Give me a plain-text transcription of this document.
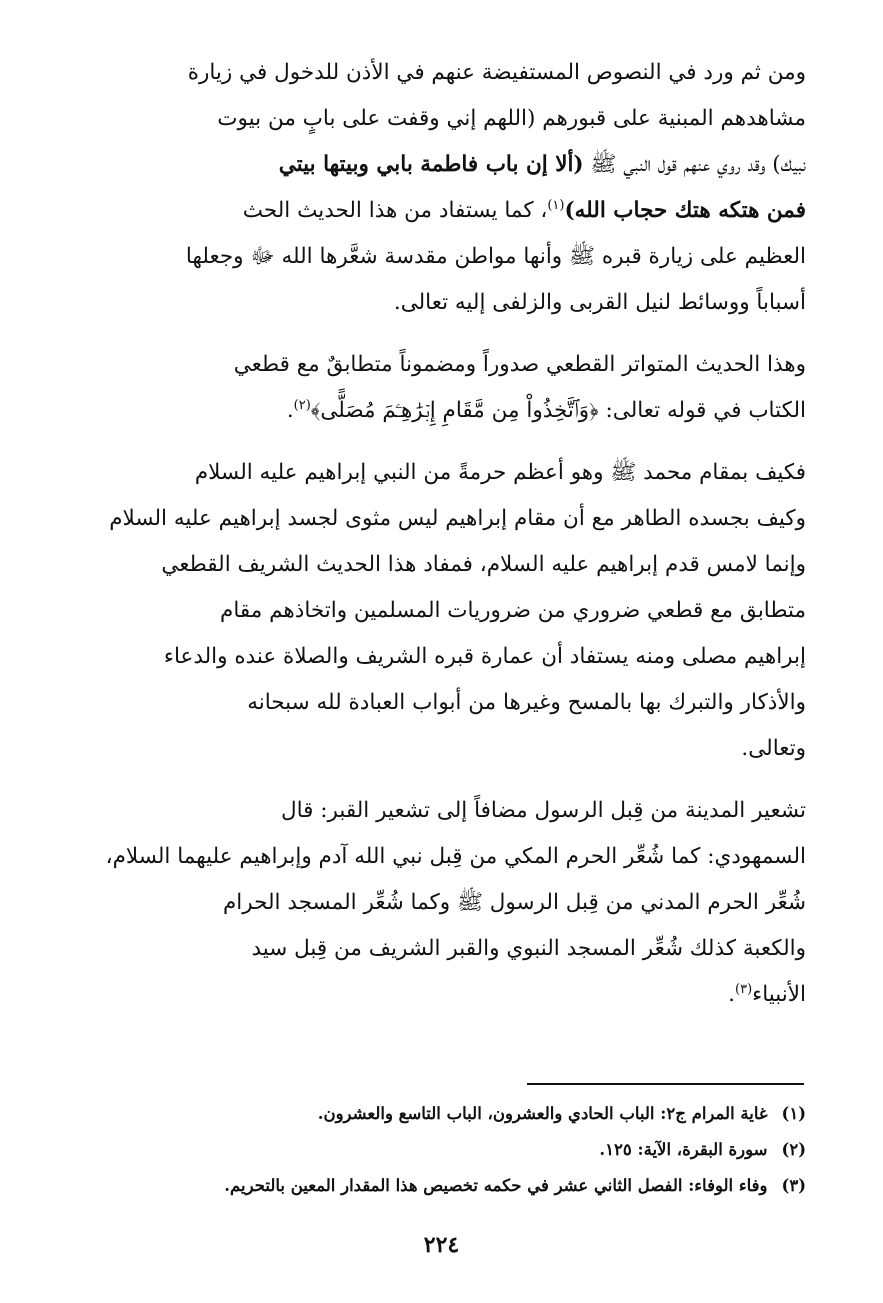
ومن ثم ورد في النصوص المستفيضة عنهم في الأذن للدخول في زيارة
مشاهدهم المبنية على قبورهم (اللهم إني وقفت على بابٍ من بيوت
نبيك) وقد روي عنهم قول النبي ﷺ (ألا إن باب فاطمة بابي وبيتها بيتي
فمن هتكه هتك حجاب الله)$^{(١)}$، كما يستفاد من هذا الحديث الحث
العظيم على زيارة قبره ﷺ وأنها مواطن مقدسة شعَّرها الله ﷻ وجعلها
أسباباً ووسائط لنيل القربى والزلفى إليه تعالى.

وهذا الحديث المتواتر القطعي صدوراً ومضموناً متطابقٌ مع قطعي
الكتاب في قوله تعالى: ﴿وَٱتَّخِذُواْ مِن مَّقَامِ إِبۡرَٰهِـۧمَ مُصَلًّى﴾$^{(٢)}$.

فكيف بمقام محمد ﷺ وهو أعظم حرمةً من النبي إبراهيم عليه السلام
وكيف بجسده الطاهر مع أن مقام إبراهيم ليس مثوى لجسد إبراهيم عليه السلام
وإنما لامس قدم إبراهيم عليه السلام، فمفاد هذا الحديث الشريف القطعي
متطابق مع قطعي ضروري من ضروريات المسلمين واتخاذهم مقام
إبراهيم مصلى ومنه يستفاد أن عمارة قبره الشريف والصلاة عنده والدعاء
والأذكار والتبرك بها بالمسح وغيرها من أبواب العبادة لله سبحانه
وتعالى.

تشعير المدينة من قِبل الرسول مضافاً إلى تشعير القبر: قال
السمهودي: كما شُعِّر الحرم المكي من قِبل نبي الله آدم وإبراهيم عليهما السلام،
شُعِّر الحرم المدني من قِبل الرسول ﷺ وكما شُعِّر المسجد الحرام
والكعبة كذلك شُعِّر المسجد النبوي والقبر الشريف من قِبل سيد
الأنبياء$^{(٣)}$.

(١)غاية المرام ج٢: الباب الحادي والعشرون، الباب التاسع والعشرون.
(٢)سورة البقرة، الآية: ١٢٥.
(٣)وفاء الوفاء: الفصل الثاني عشر في حكمه تخصيص هذا المقدار المعين بالتحريم.
٢٢٤
